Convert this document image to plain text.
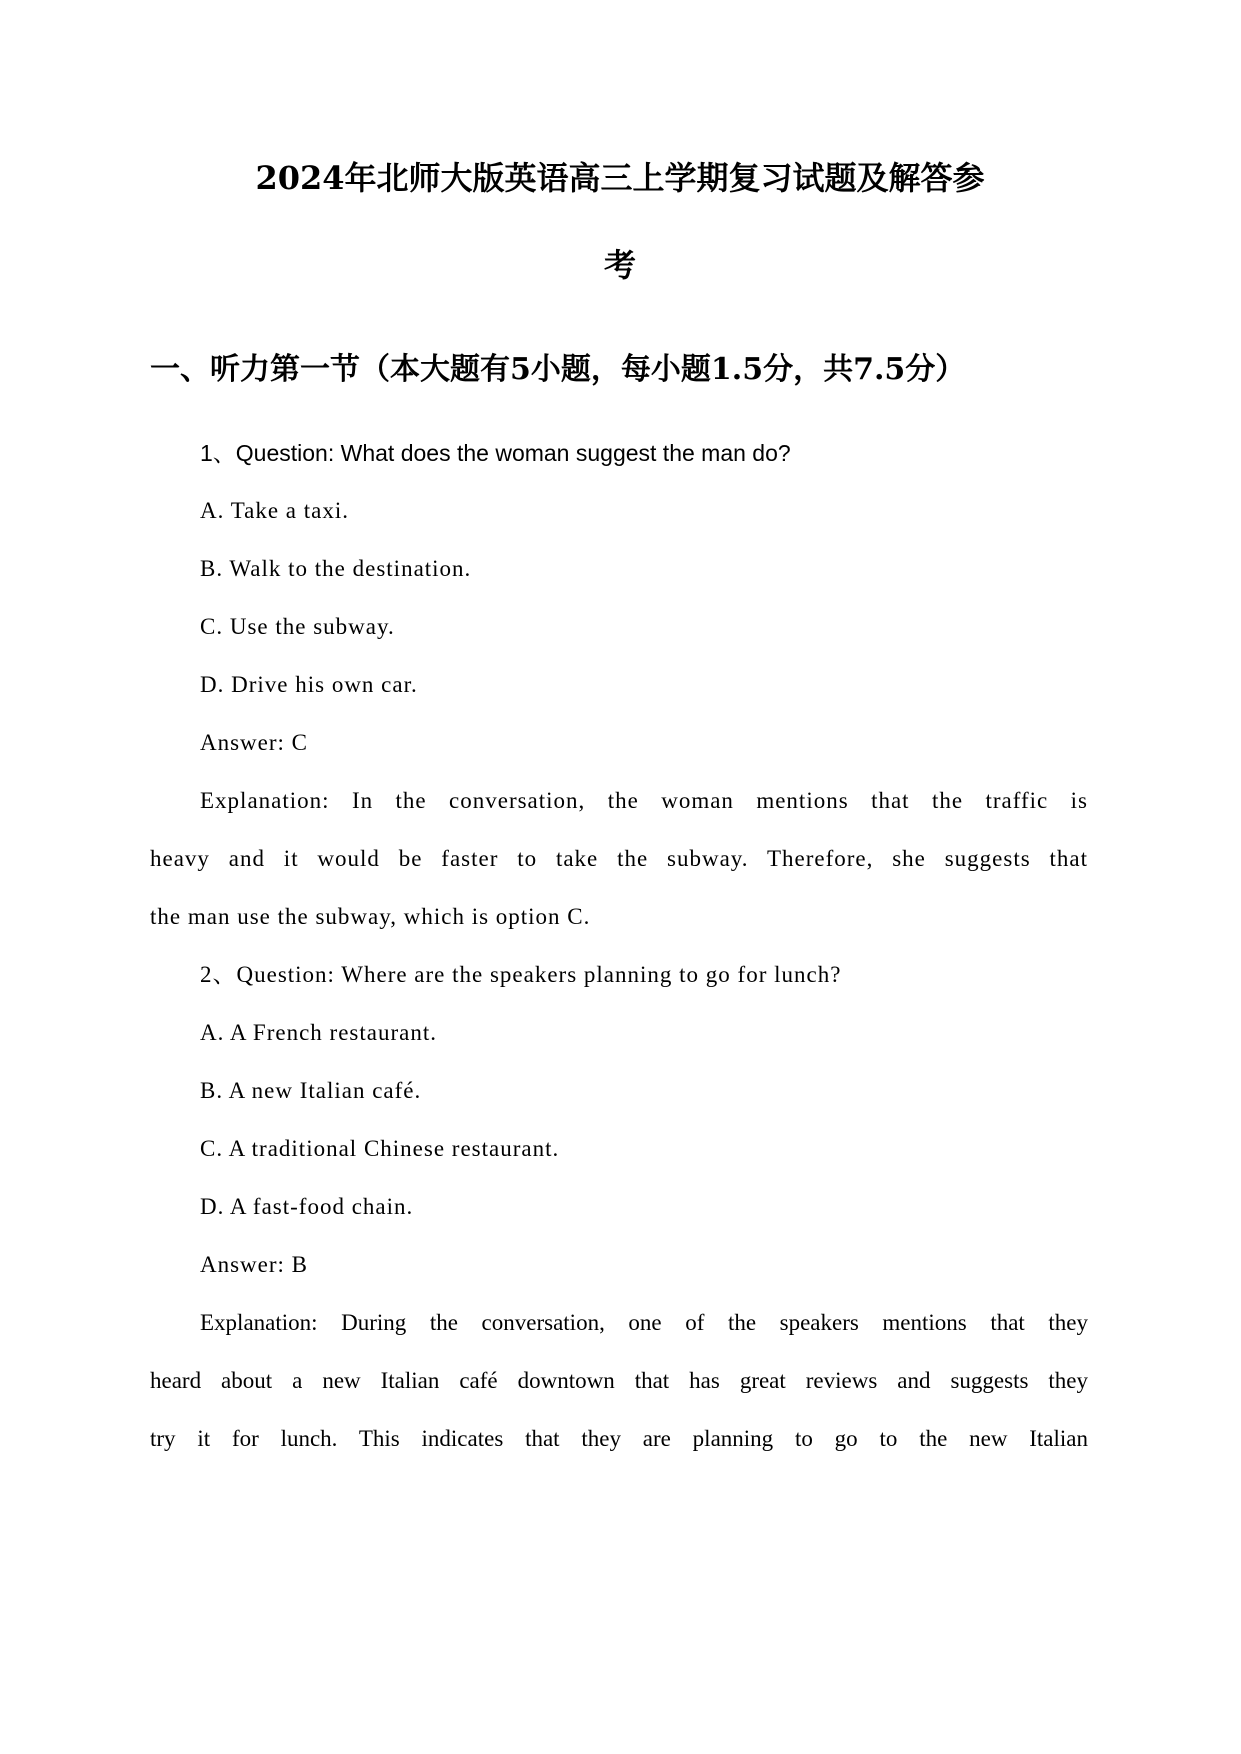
2024年北师大版英语高三上学期复习试题及解答参
考
一、听力第一节（本大题有5小题，每小题1.5分，共7.5分）
1、Question: What does the woman suggest the man do?
A. Take a taxi.
B. Walk to the destination.
C. Use the subway.
D. Drive his own car.
Answer: C
Explanation: In the conversation, the woman mentions that the traffic is
heavy and it would be faster to take the subway. Therefore, she suggests that
the man use the subway, which is option C.
2、Question: Where are the speakers planning to go for lunch?
A. A French restaurant.
B. A new Italian café.
C. A traditional Chinese restaurant.
D. A fast-food chain.
Answer: B
Explanation: During the conversation, one of the speakers mentions that they
heard about a new Italian café downtown that has great reviews and suggests they
try it for lunch. This indicates that they are planning to go to the new Italian
